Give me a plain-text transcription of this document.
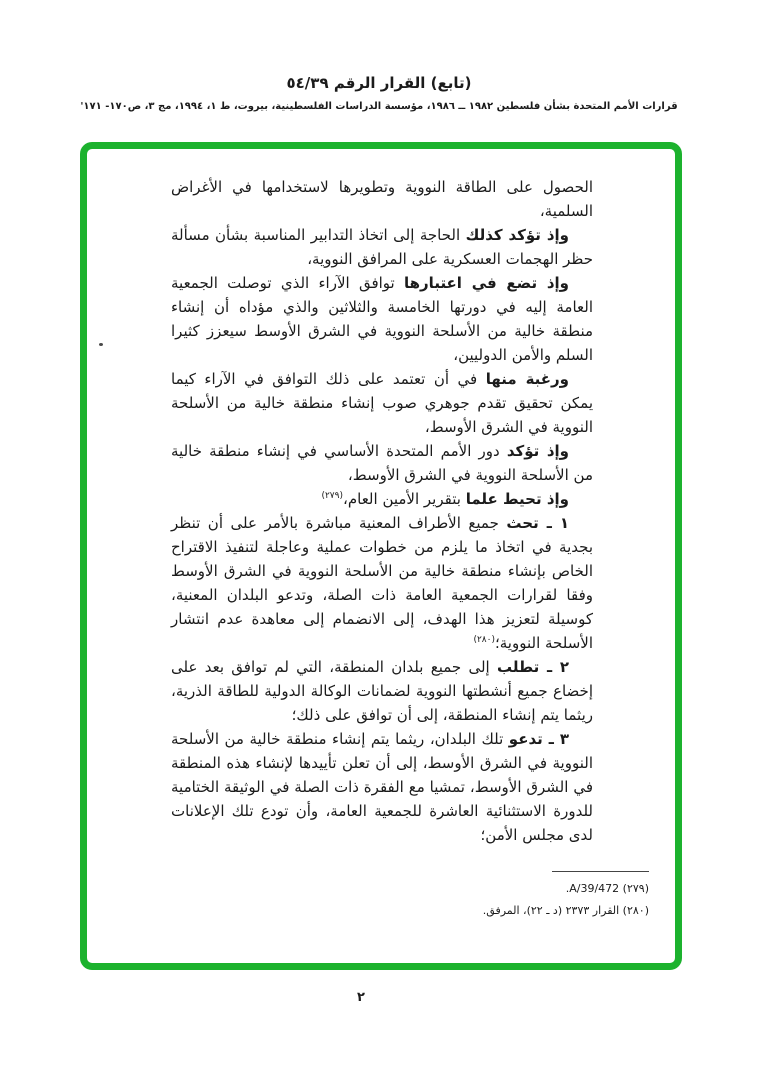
(تابع) القرار الرقم ٥٤/٣٩
قرارات الأمم المتحدة بشأن فلسطين ١٩٨٢ ــ ١٩٨٦، مؤسسة الدراسات الفلسطينية، بيروت، ط ١، ١٩٩٤، مج ٣، ص١٧٠- ١٧١'

الحصول على الطاقة النووية وتطويرها لاستخدامها في الأغراض السلمية،

وإذ تؤكد كذلك الحاجة إلى اتخاذ التدابير المناسبة بشأن مسألة حظر الهجمات العسكرية على المرافق النووية،

وإذ تضع في اعتبارها توافق الآراء الذي توصلت الجمعية العامة إليه في دورتها الخامسة والثلاثين والذي مؤداه أن إنشاء منطقة خالية من الأسلحة النووية في الشرق الأوسط سيعزز كثيرا السلم والأمن الدوليين،

ورغبة منها في أن تعتمد على ذلك التوافق في الآراء كيما يمكن تحقيق تقدم جوهري صوب إنشاء منطقة خالية من الأسلحة النووية في الشرق الأوسط،

وإذ تؤكد دور الأمم المتحدة الأساسي في إنشاء منطقة خالية من الأسلحة النووية في الشرق الأوسط،

وإذ تحيط علما بتقرير الأمين العام،$^{(٢٧٩)}$

١ ـ تحث جميع الأطراف المعنية مباشرة بالأمر على أن تنظر بجدية في اتخاذ ما يلزم من خطوات عملية وعاجلة لتنفيذ الاقتراح الخاص بإنشاء منطقة خالية من الأسلحة النووية في الشرق الأوسط وفقا لقرارات الجمعية العامة ذات الصلة، وتدعو البلدان المعنية، كوسيلة لتعزيز هذا الهدف، إلى الانضمام إلى معاهدة عدم انتشار الأسلحة النووية؛$^{(٢٨٠)}$

٢ ـ تطلب إلى جميع بلدان المنطقة، التي لم توافق بعد على إخضاع جميع أنشطتها النووية لضمانات الوكالة الدولية للطاقة الذرية، ريثما يتم إنشاء المنطقة، إلى أن توافق على ذلك؛

٣ ـ تدعو تلك البلدان، ريثما يتم إنشاء منطقة خالية من الأسلحة النووية في الشرق الأوسط، إلى أن تعلن تأييدها لإنشاء هذه المنطقة في الشرق الأوسط، تمشيا مع الفقرة ذات الصلة في الوثيقة الختامية للدورة الاستثنائية العاشرة للجمعية العامة، وأن تودع تلك الإعلانات لدى مجلس الأمن؛

(٢٧٩) A/39/472.

(٢٨٠) القرار ٢٣٧٣ (د ـ ٢٢)، المرفق.

٢
